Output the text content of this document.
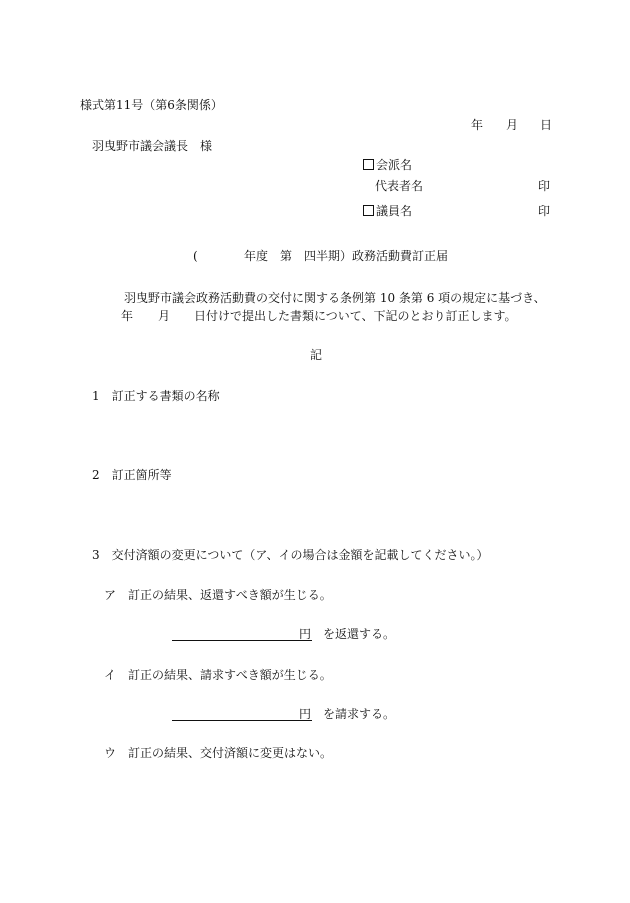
様式第11号（第6条関係）
年 月 日
羽曳野市議会議長　様
会派名
代表者名	印
議員名	印
(	年度　第　四半期）政務活動費訂正届
羽曳野市議会政務活動費の交付に関する条例第 10 条第 6 項の規定に基づき、
年 月 日付けで提出した書類について、下記のとおり訂正します。
記
1 訂正する書類の名称
2 訂正箇所等
3 交付済額の変更について（ア、イの場合は金額を記載してください。）
ア 訂正の結果、返還すべき額が生じる。
円 を返還する。
イ 訂正の結果、請求すべき額が生じる。
円 を請求する。
ウ 訂正の結果、交付済額に変更はない。
